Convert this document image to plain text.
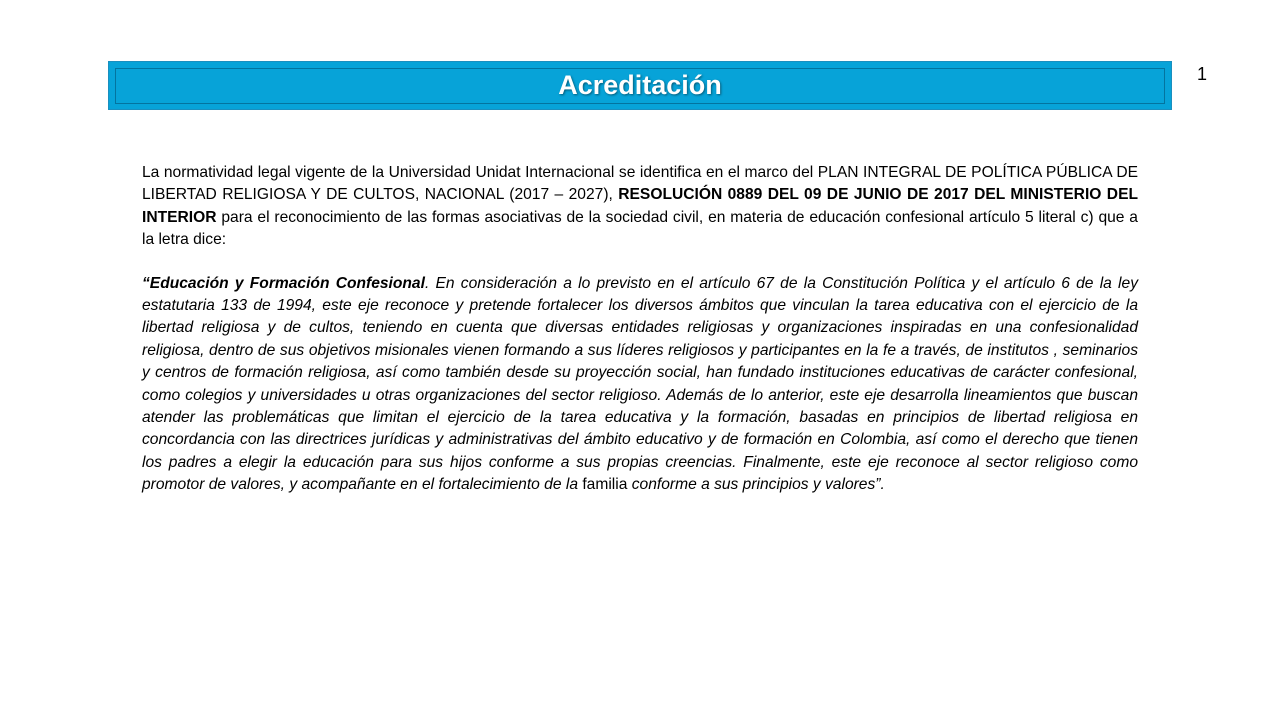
Acreditación	1

La normatividad legal vigente de la Universidad Unidat Internacional se identifica en el marco del PLAN INTEGRAL DE POLÍTICA PÚBLICA DE LIBERTAD RELIGIOSA Y DE CULTOS, NACIONAL (2017 – 2027), RESOLUCIÓN 0889 DEL 09 DE JUNIO DE 2017 DEL MINISTERIO DEL INTERIOR para el reconocimiento de las formas asociativas de la sociedad civil, en materia de educación confesional artículo 5 literal c) que a la letra dice:

“Educación y Formación Confesional. En consideración a lo previsto en el artículo 67 de la Constitución Política y el artículo 6 de la ley estatutaria 133 de 1994, este eje reconoce y pretende fortalecer los diversos ámbitos que vinculan la tarea educativa con el ejercicio de la libertad religiosa y de cultos, teniendo en cuenta que diversas entidades religiosas y organizaciones inspiradas en una confesionalidad religiosa, dentro de sus objetivos misionales vienen formando a sus líderes religiosos y participantes en la fe a través, de institutos , seminarios y centros de formación religiosa, así como también desde su proyección social, han fundado instituciones educativas de carácter confesional, como colegios y universidades u otras organizaciones del sector religioso. Además de lo anterior, este eje desarrolla lineamientos que buscan atender las problemáticas que limitan el ejercicio de la tarea educativa y la formación, basadas en principios de libertad religiosa en concordancia con las directrices jurídicas y administrativas del ámbito educativo y de formación en Colombia, así como el derecho que tienen los padres a elegir la educación para sus hijos conforme a sus propias creencias. Finalmente, este eje reconoce al sector religioso como promotor de valores, y acompañante en el fortalecimiento de la familia conforme a sus principios y valores”.
